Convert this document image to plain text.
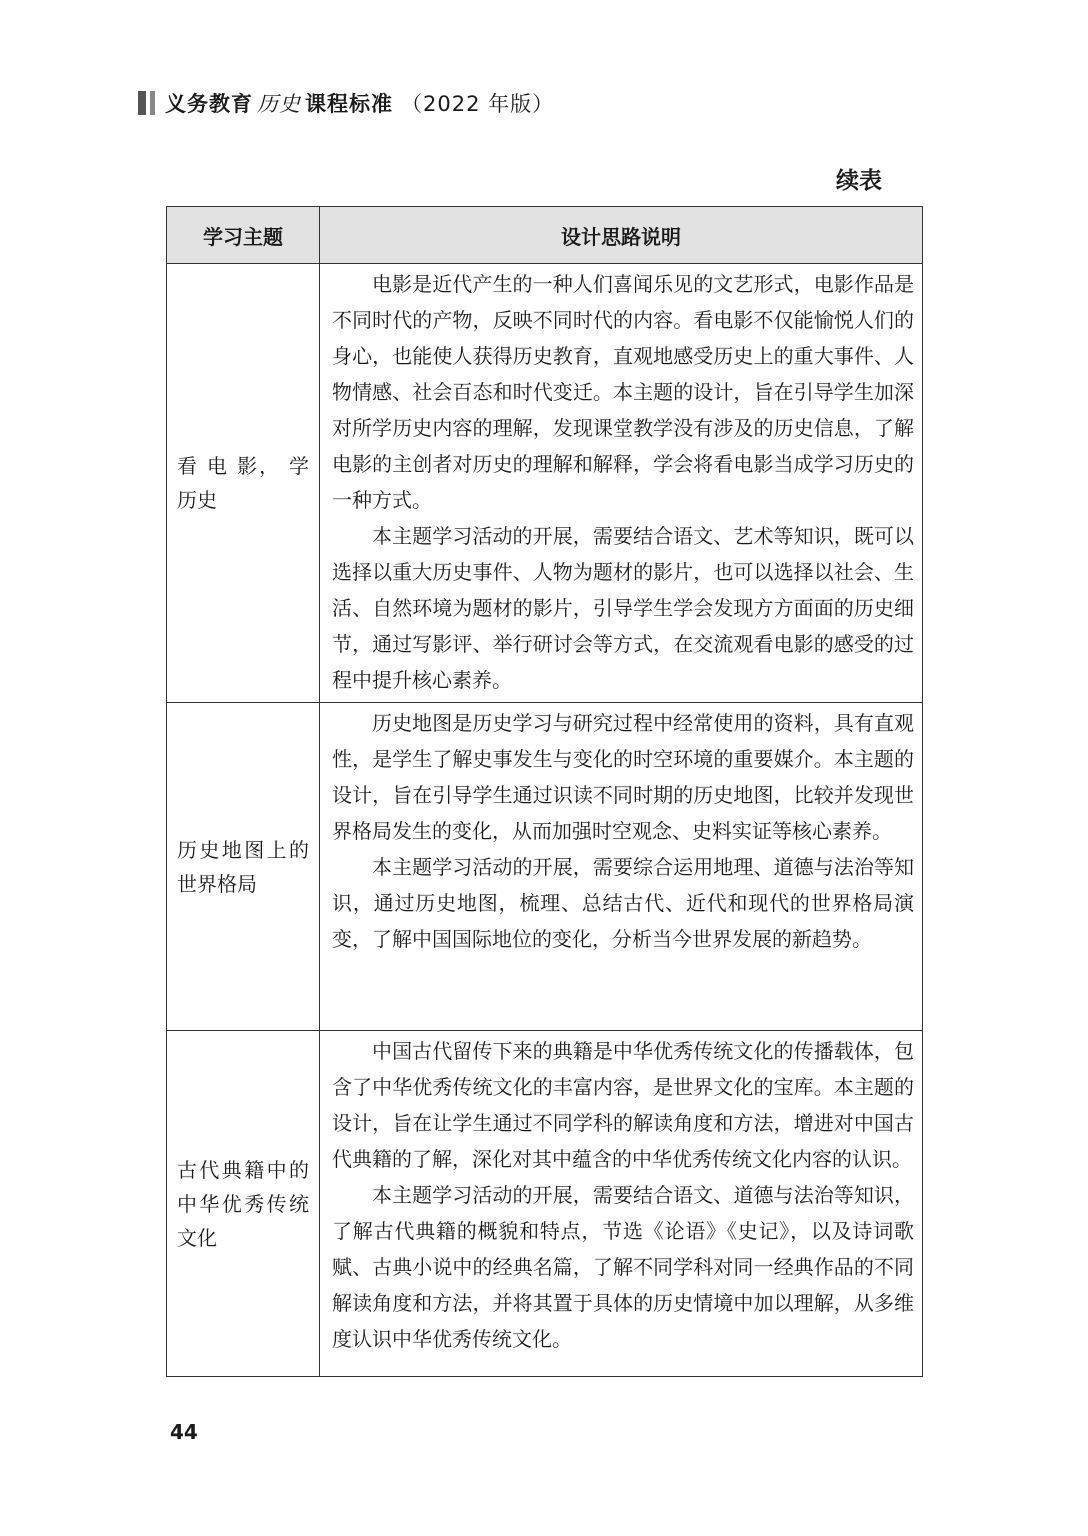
义务教育 历史 课程标准 （2022 年版）
续表
学习主题	设计思路说明

看 电 影， 学 历史	电影是近代产生的一种人们喜闻乐见的文艺形式，电影作品是不同时代的产物，反映不同时代的内容。看电影不仅能愉悦人们的身心，也能使人获得历史教育，直观地感受历史上的重大事件、人物情感、社会百态和时代变迁。本主题的设计，旨在引导学生加深对所学历史内容的理解，发现课堂教学没有涉及的历史信息，了解电影的主创者对历史的理解和解释，学会将看电影当成学习历史的一种方式。

本主题学习活动的开展，需要结合语文、艺术等知识，既可以选择以重大历史事件、人物为题材的影片，也可以选择以社会、生活、自然环境为题材的影片，引导学生学会发现方方面面的历史细节，通过写影评、举行研讨会等方式，在交流观看电影的感受的过程中提升核心素养。

历史地图上的世界格局	历史地图是历史学习与研究过程中经常使用的资料，具有直观性，是学生了解史事发生与变化的时空环境的重要媒介。本主题的设计，旨在引导学生通过识读不同时期的历史地图，比较并发现世界格局发生的变化，从而加强时空观念、史料实证等核心素养。

本主题学习活动的开展，需要综合运用地理、道德与法治等知识，通过历史地图，梳理、总结古代、近代和现代的世界格局演变，了解中国国际地位的变化，分析当今世界发展的新趋势。

古代典籍中的中华优秀传统文化	中国古代留传下来的典籍是中华优秀传统文化的传播载体，包含了中华优秀传统文化的丰富内容，是世界文化的宝库。本主题的设计，旨在让学生通过不同学科的解读角度和方法，增进对中国古代典籍的了解，深化对其中蕴含的中华优秀传统文化内容的认识。

本主题学习活动的开展，需要结合语文、道德与法治等知识，了解古代典籍的概貌和特点，节选《论语》《史记》，以及诗词歌赋、古典小说中的经典名篇，了解不同学科对同一经典作品的不同解读角度和方法，并将其置于具体的历史情境中加以理解，从多维度认识中华优秀传统文化。

44
